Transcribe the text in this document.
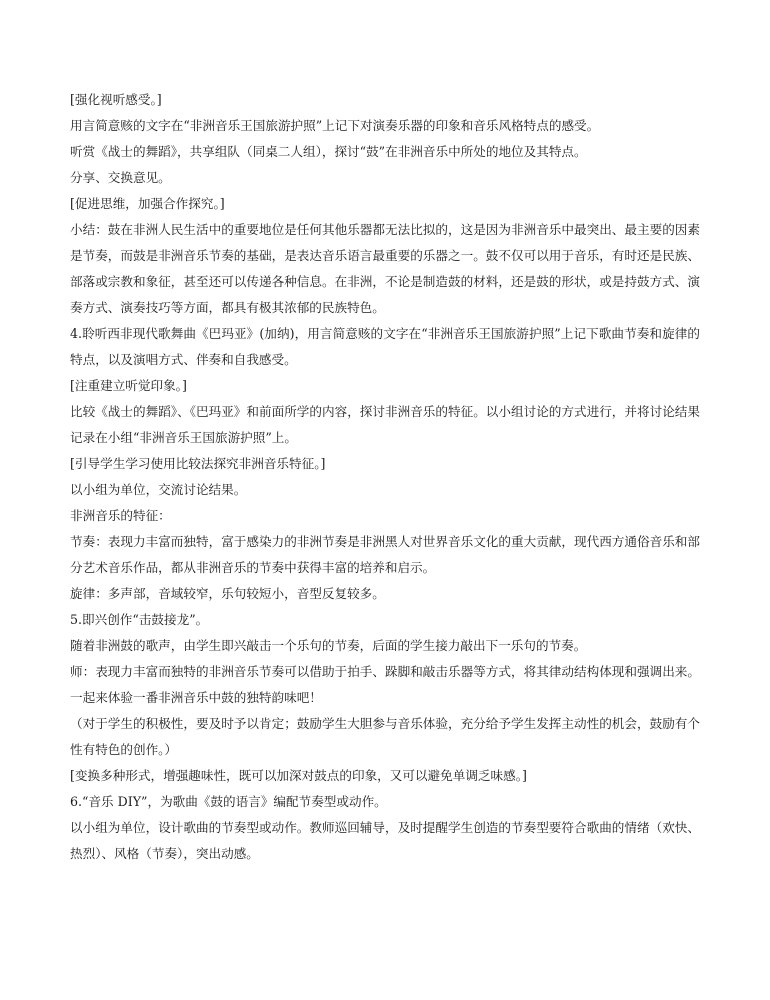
[强化视听感受。]

用言简意赅的文字在“非洲音乐王国旅游护照”上记下对演奏乐器的印象和音乐风格特点的感受。

听赏《战士的舞蹈》，共享组队（同桌二人组），探讨“鼓”在非洲音乐中所处的地位及其特点。

分享、交换意见。

[促进思维，加强合作探究。]

小结：鼓在非洲人民生活中的重要地位是任何其他乐器都无法比拟的，这是因为非洲音乐中最突出、最主要的因素是节奏，而鼓是非洲音乐节奏的基础，是表达音乐语言最重要的乐器之一。鼓不仅可以用于音乐，有时还是民族、部落或宗教和象征，甚至还可以传递各种信息。在非洲，不论是制造鼓的材料，还是鼓的形状，或是持鼓方式、演奏方式、演奏技巧等方面，都具有极其浓郁的民族特色。

4.聆听西非现代歌舞曲《巴玛亚》(加纳)，用言简意赅的文字在“非洲音乐王国旅游护照”上记下歌曲节奏和旋律的特点，以及演唱方式、伴奏和自我感受。

[注重建立听觉印象。]

比较《战士的舞蹈》、《巴玛亚》和前面所学的内容，探讨非洲音乐的特征。以小组讨论的方式进行，并将讨论结果记录在小组“非洲音乐王国旅游护照”上。

[引导学生学习使用比较法探究非洲音乐特征。]

以小组为单位，交流讨论结果。

非洲音乐的特征：

节奏：表现力丰富而独特，富于感染力的非洲节奏是非洲黑人对世界音乐文化的重大贡献，现代西方通俗音乐和部分艺术音乐作品，都从非洲音乐的节奏中获得丰富的培养和启示。

旋律：多声部，音域较窄，乐句较短小，音型反复较多。

5.即兴创作“击鼓接龙”。

随着非洲鼓的歌声，由学生即兴敲击一个乐句的节奏，后面的学生接力敲出下一乐句的节奏。

师：表现力丰富而独特的非洲音乐节奏可以借助于拍手、跺脚和敲击乐器等方式，将其律动结构体现和强调出来。一起来体验一番非洲音乐中鼓的独特韵味吧！

（对于学生的积极性，要及时予以肯定；鼓励学生大胆参与音乐体验，充分给予学生发挥主动性的机会，鼓励有个性有特色的创作。）

[变换多种形式，增强趣味性，既可以加深对鼓点的印象，又可以避免单调乏味感。]

6.“音乐 DIY”，为歌曲《鼓的语言》编配节奏型或动作。

以小组为单位，设计歌曲的节奏型或动作。教师巡回辅导，及时提醒学生创造的节奏型要符合歌曲的情绪（欢快、热烈）、风格（节奏），突出动感。
